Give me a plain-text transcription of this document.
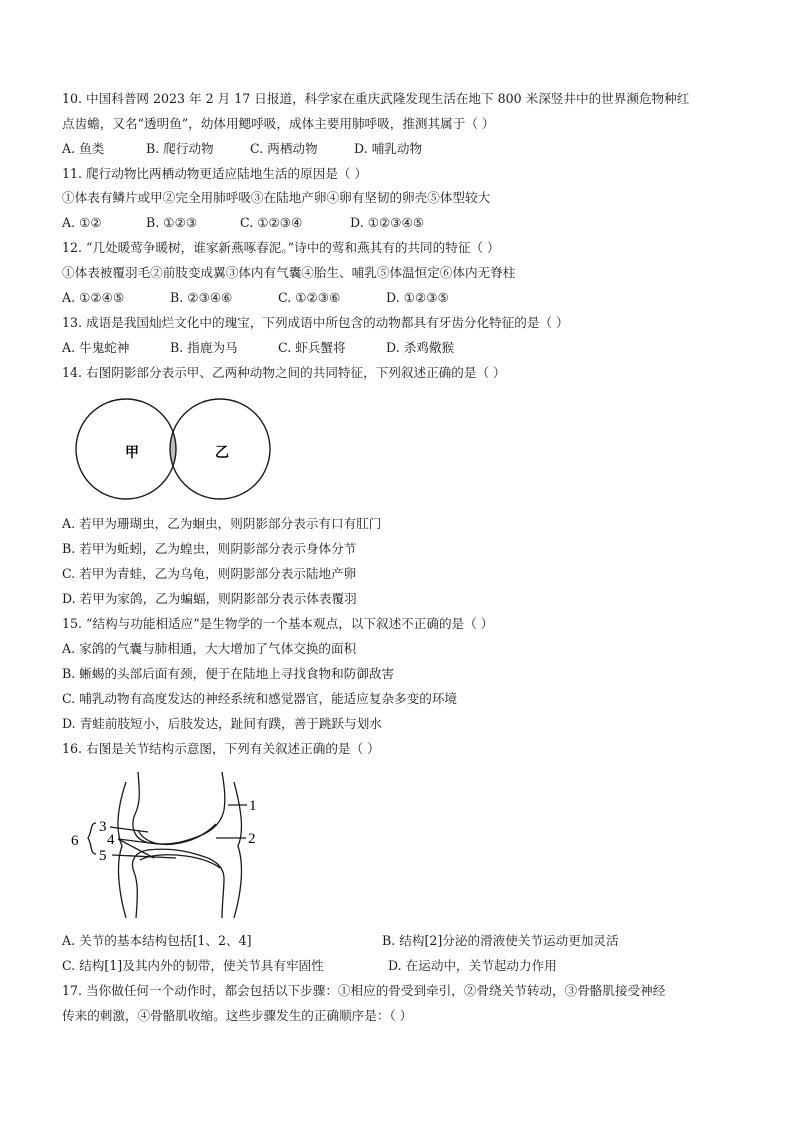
10. 中国科普网 2023 年 2 月 17 日报道，科学家在重庆武隆发现生活在地下 800 米深竖井中的世界濒危物种红
点齿蟾，又名“透明鱼”，幼体用鳃呼吸，成体主要用肺呼吸，推测其属于（ ）
A. 鱼类	B. 爬行动物	C. 两栖动物	D. 哺乳动物
11. 爬行动物比两栖动物更适应陆地生活的原因是（ ）
①体表有鳞片或甲②完全用肺呼吸③在陆地产卵④卵有坚韧的卵壳⑤体型较大
A. ①②	B. ①②③	C. ①②③④	D. ①②③④⑤
12. “几处暖莺争暖树，谁家新燕啄春泥。”诗中的莺和燕其有的共同的特征（ ）
①体表被覆羽毛②前肢变成翼③体内有气囊④胎生、哺乳⑤体温恒定⑥体内无脊柱
A. ①②④⑤	B. ②③④⑥	C. ①②③⑥	D. ①②③⑤
13. 成语是我国灿烂文化中的瑰宝，下列成语中所包含的动物都具有牙齿分化特征的是（ ）
A. 牛鬼蛇神	B. 指鹿为马	C. 虾兵蟹将	D. 杀鸡儆猴
14. 右图阴影部分表示甲、乙两种动物之间的共同特征，下列叙述正确的是（ ）
甲	乙
A. 若甲为珊瑚虫，乙为蛔虫，则阴影部分表示有口有肛门
B. 若甲为蚯蚓，乙为蝗虫，则阴影部分表示身体分节
C. 若甲为青蛙，乙为乌龟，则阴影部分表示陆地产卵
D. 若甲为家鸽，乙为蝙蝠，则阴影部分表示体表覆羽
15. “结构与功能相适应”是生物学的一个基本观点，以下叙述不正确的是（ ）
A. 家鸽的气囊与肺相通，大大增加了气体交换的面积
B. 蜥蜴的头部后面有颈，便于在陆地上寻找食物和防御敌害
C. 哺乳动物有高度发达的神经系统和感觉器官，能适应复杂多变的环境
D. 青蛙前肢短小，后肢发达，趾间有蹼，善于跳跃与划水
16. 右图是关节结构示意图，下列有关叙述正确的是（ ）
1
2
3
4
5
6
A. 关节的基本结构包括[1、2、4]	B. 结构[2]分泌的滑液使关节运动更加灵活
C. 结构[1]及其内外的韧带，使关节具有牢固性	D. 在运动中，关节起动力作用
17. 当你做任何一个动作时，都会包括以下步骤：①相应的骨受到牵引，②骨绕关节转动，③骨骼肌接受神经
传来的刺激，④骨骼肌收缩。这些步骤发生的正确顺序是：（ ）
